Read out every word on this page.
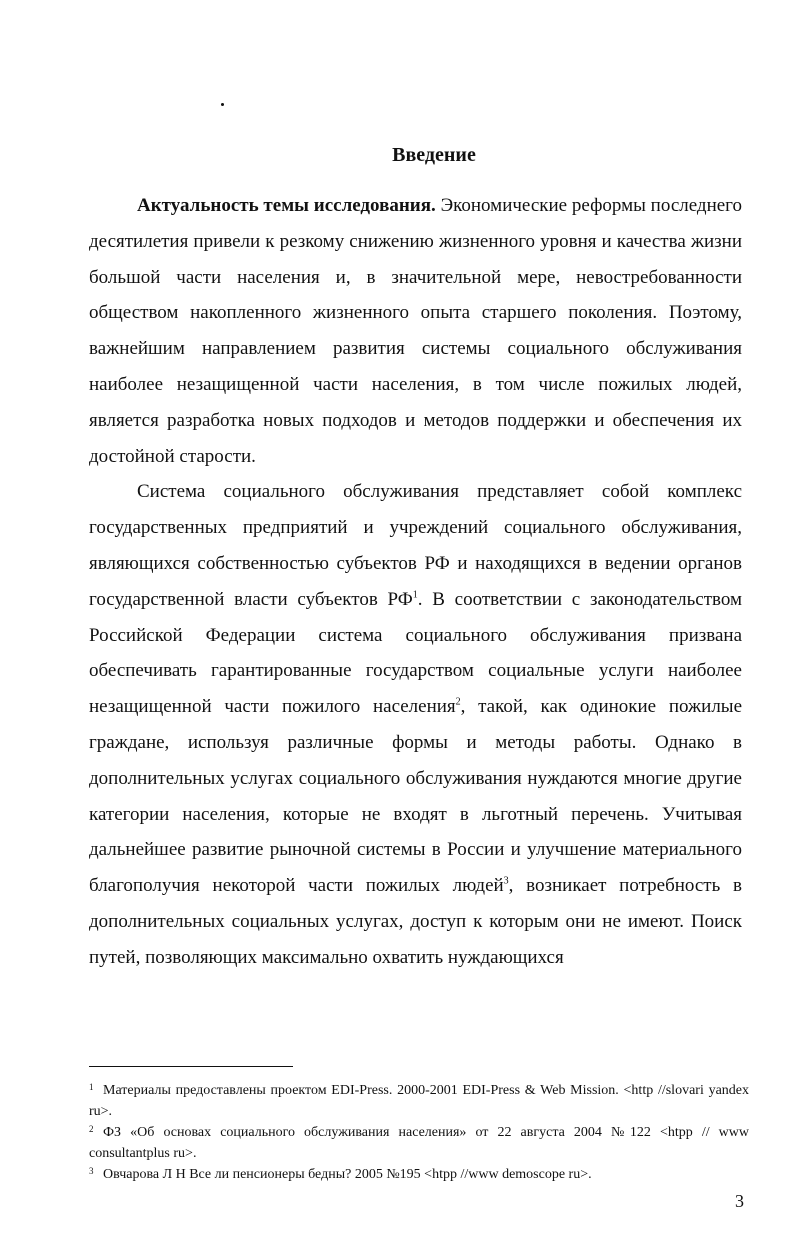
Введение

Актуальность темы исследования. Экономические реформы последнего десятилетия привели к резкому снижению жизненного уровня и качества жизни большой части населения и, в значительной мере, невостребованности обществом накопленного жизненного опыта старшего поколения. Поэтому, важнейшим направлением развития системы социального обслуживания наиболее незащищенной части населения, в том числе пожилых людей, является разработка новых подходов и методов поддержки и обеспечения их достойной старости.

Система социального обслуживания представляет собой комплекс государственных предприятий и учреждений социального обслуживания, являющихся собственностью субъектов РФ и находящихся в ведении органов государственной власти субъектов $РФ^1$. В соответствии с законодательством Российской Федерации система социального обслуживания призвана обеспечивать гарантированные государством социальные услуги наиболее незащищенной части пожилого населения$^2$, такой, как одинокие пожилые граждане, используя различные формы и методы работы. Однако в дополнительных услугах социального обслуживания нуждаются многие другие категории населения, которые не входят в льготный перечень. Учитывая дальнейшее развитие рыночной системы в России и улучшение материального благополучия некоторой части пожилых людей$^3$, возникает потребность в дополнительных социальных услугах, доступ к которым они не имеют. Поиск путей, позволяющих максимально охватить нуждающихся

1 Материалы предоставлены проектом EDI-Press. 2000-2001 EDI-Press & Web Mission. <http //slovari yandex ru>.

2 ФЗ «Об основах социального обслуживания населения» от 22 августа 2004 №122 <htpp // www consultantplus ru>.

3 Овчарова Л Н Все ли пенсионеры бедны? 2005 №195 <htpp //www demoscope ru>.

3
